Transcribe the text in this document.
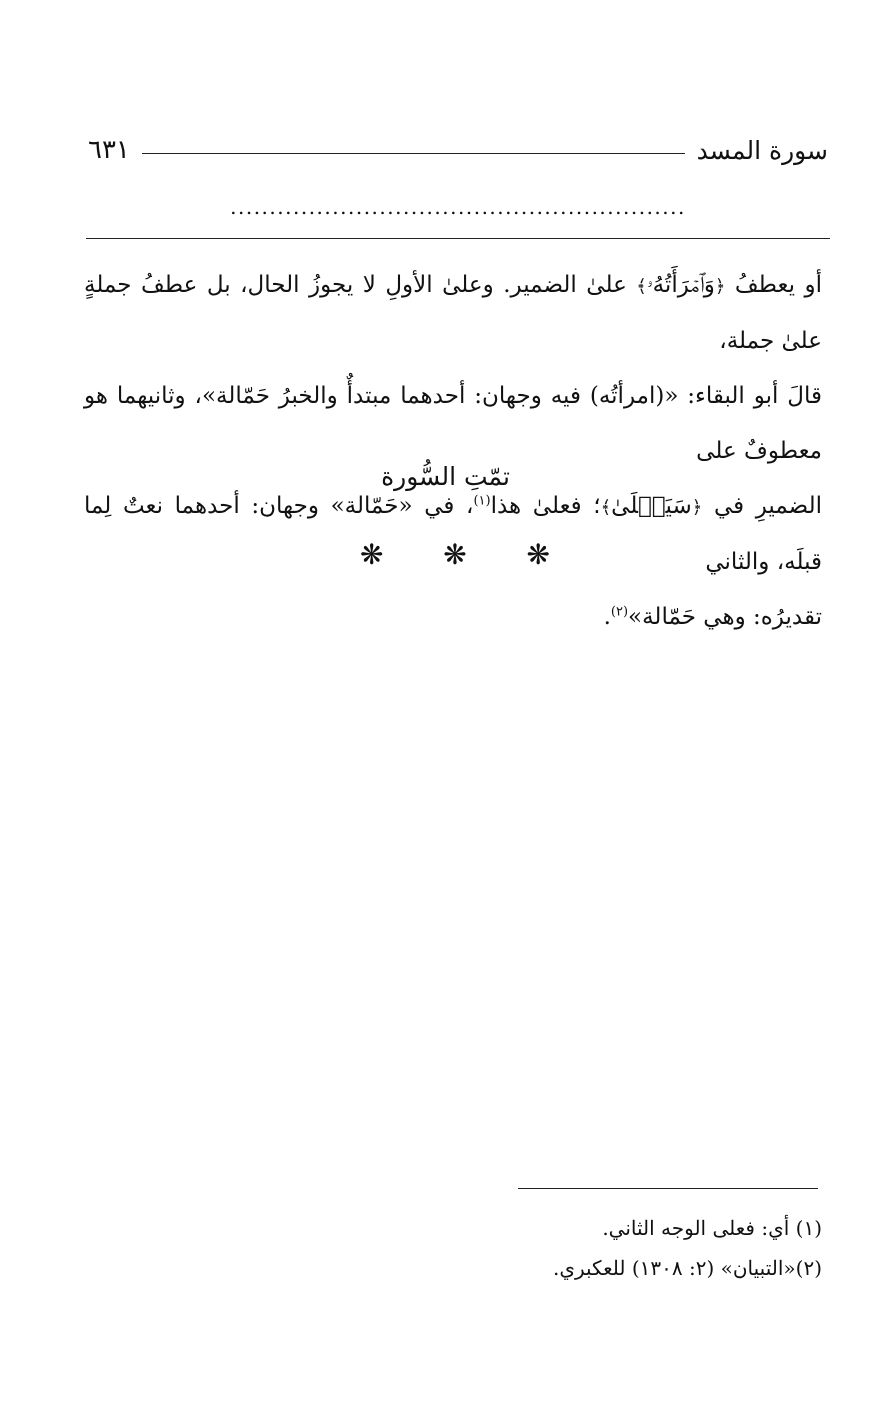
سورة المسد
٦٣١
..........................................................

أو يعطفُ ﴿وَٱمۡرَأَتُهُۥ﴾ علىٰ الضمير. وعلىٰ الأولِ لا يجوزُ الحال، بل عطفُ جملةٍ علىٰ جملة،

قالَ أبو البقاء: «(امرأتُه) فيه وجهان: أحدهما مبتدأٌ والخبرُ حَمّالة»، وثانيهما هو معطوفٌ على

الضميرِ في ﴿سَيَصۡلَىٰ﴾؛ فعلىٰ هذا$^{(١)}$، في «حَمّالة» وجهان: أحدهما نعتٌ لِما قبلَه، والثاني

تقديرُه: وهي حَمّالة»$^{(٢)}$.

تمّتِ السُّورة
❋ ❋ ❋

(١) أي: فعلى الوجه الثاني.

(٢)«التبيان» (٢: ١٣٠٨) للعكبري.
